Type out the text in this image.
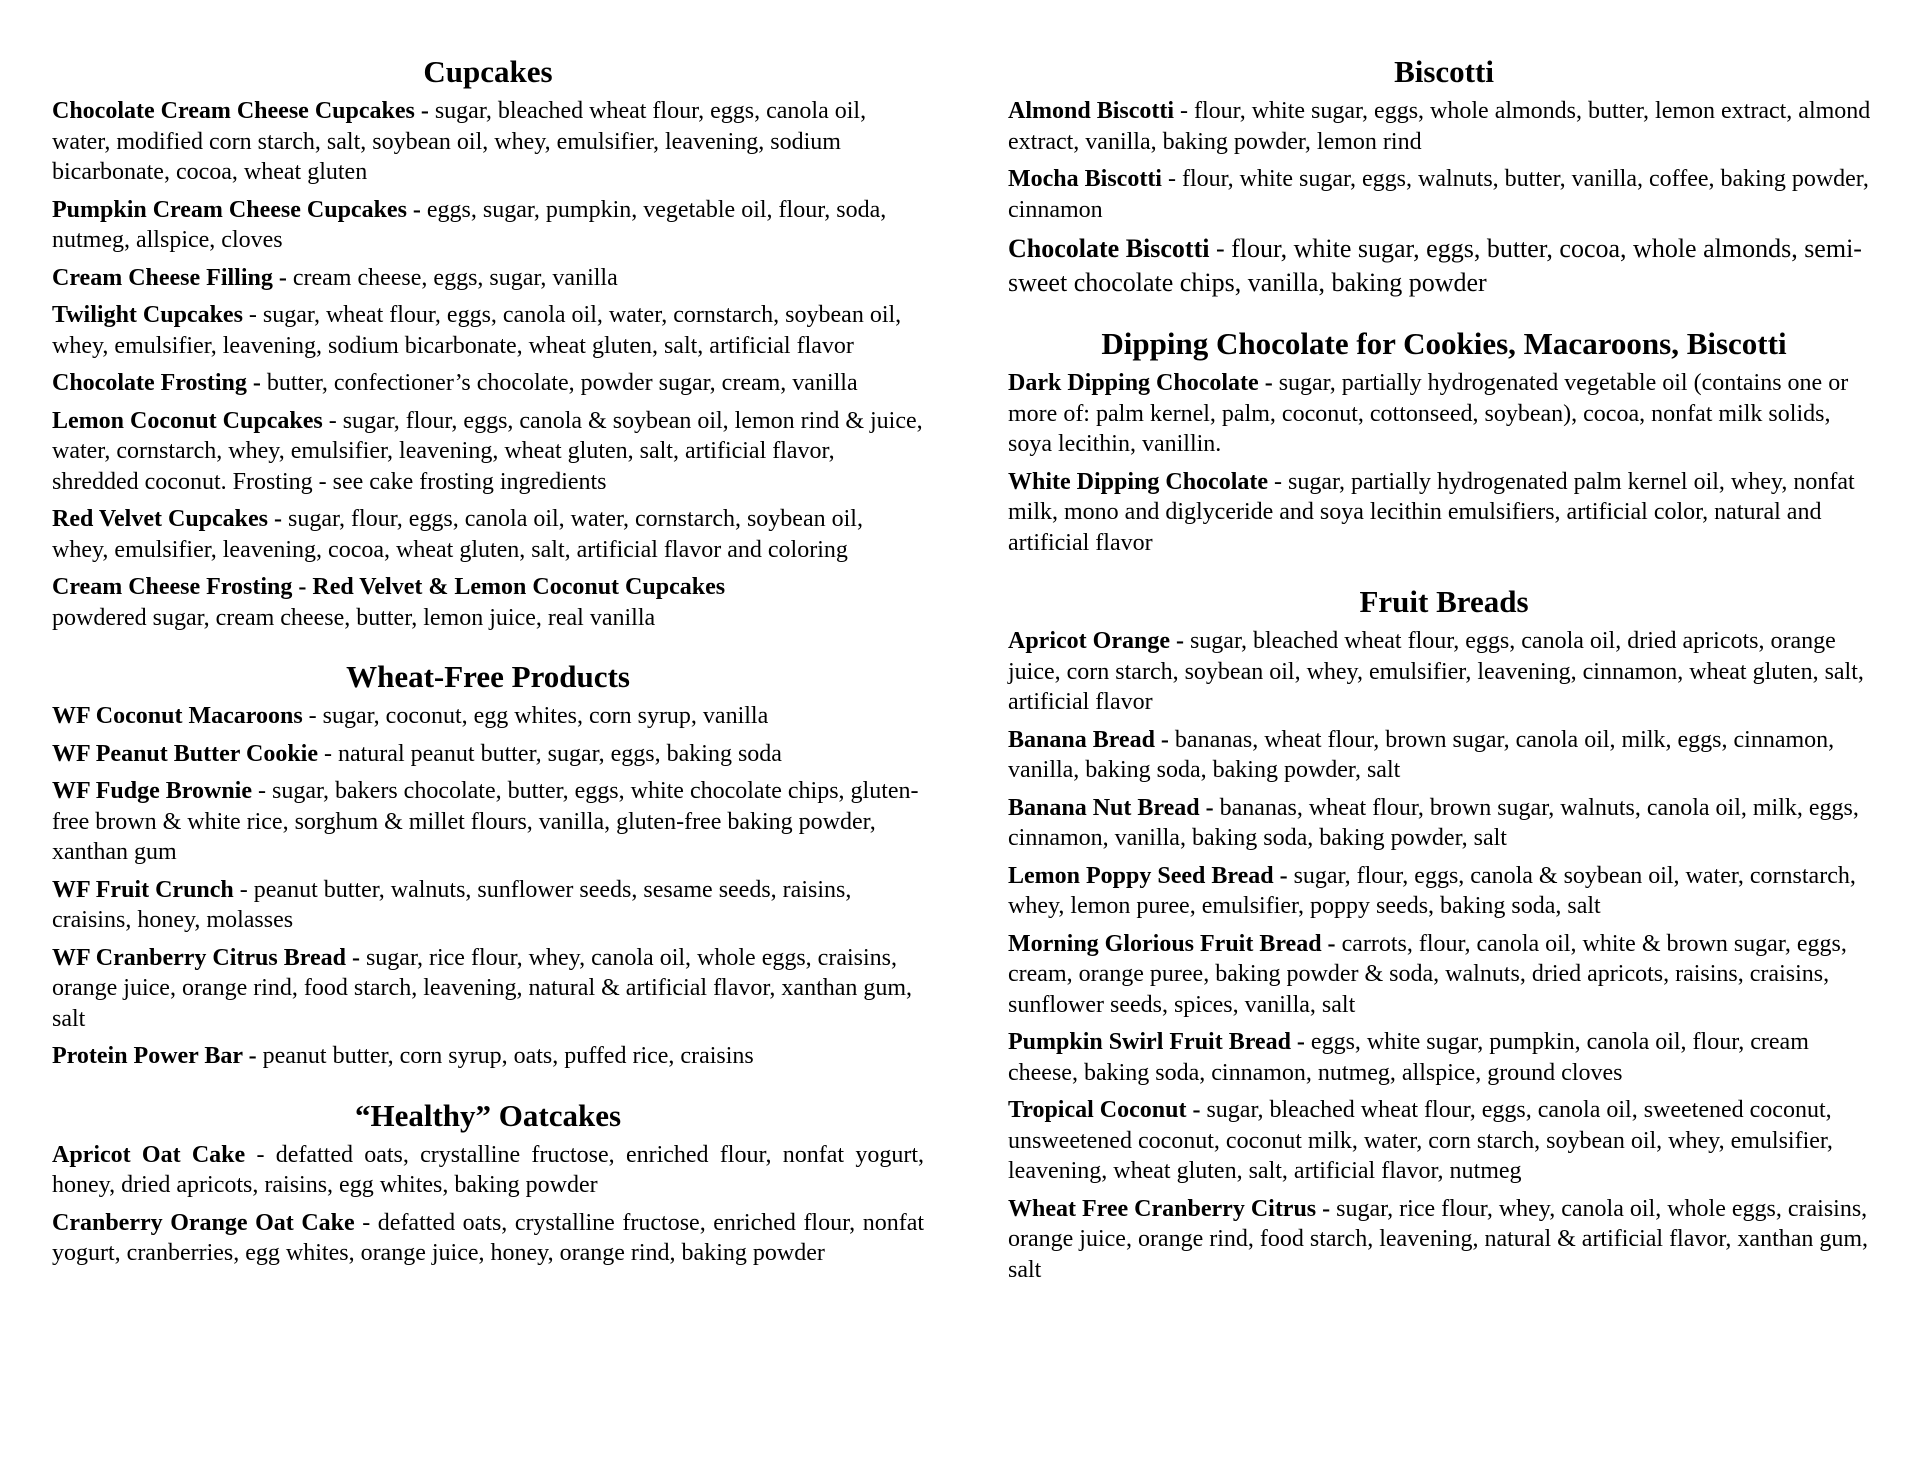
Cupcakes

Chocolate Cream Cheese Cupcakes - sugar, bleached wheat flour, eggs, canola oil, water, modified corn starch, salt, soybean oil, whey, emulsifier, leavening, sodium bicarbonate, cocoa, wheat gluten

Pumpkin Cream Cheese Cupcakes - eggs, sugar, pumpkin, vegetable oil, flour, soda, nutmeg, allspice, cloves

Cream Cheese Filling - cream cheese, eggs, sugar, vanilla

Twilight Cupcakes - sugar, wheat flour, eggs, canola oil, water, cornstarch, soybean oil, whey, emulsifier, leavening, sodium bicarbonate, wheat gluten, salt, artificial flavor

Chocolate Frosting - butter, confectioner’s chocolate, powder sugar, cream, vanilla

Lemon Coconut Cupcakes - sugar, flour, eggs, canola & soybean oil, lemon rind & juice, water, cornstarch, whey, emulsifier, leavening, wheat gluten, salt, artificial flavor, shredded coconut. Frosting - see cake frosting ingredients

Red Velvet Cupcakes - sugar, flour, eggs, canola oil, water, cornstarch, soybean oil, whey, emulsifier, leavening, cocoa, wheat gluten, salt, artificial flavor and coloring

Cream Cheese Frosting - Red Velvet & Lemon Coconut Cupcakes
powdered sugar, cream cheese, butter, lemon juice, real vanilla

Wheat-Free Products

WF Coconut Macaroons - sugar, coconut, egg whites, corn syrup, vanilla

WF Peanut Butter Cookie - natural peanut butter, sugar, eggs, baking soda

WF Fudge Brownie - sugar, bakers chocolate, butter, eggs, white chocolate chips, gluten-free brown & white rice, sorghum & millet flours, vanilla, gluten-free baking powder, xanthan gum

WF Fruit Crunch - peanut butter, walnuts, sunflower seeds, sesame seeds, raisins, craisins, honey, molasses

WF Cranberry Citrus Bread - sugar, rice flour, whey, canola oil, whole eggs, craisins, orange juice, orange rind, food starch, leavening, natural & artificial flavor, xanthan gum, salt

Protein Power Bar - peanut butter, corn syrup, oats, puffed rice, craisins

“Healthy” Oatcakes

Apricot Oat Cake - defatted oats, crystalline fructose, enriched flour, nonfat yogurt, honey, dried apricots, raisins, egg whites, baking powder

Cranberry Orange Oat Cake - defatted oats, crystalline fructose, enriched flour, nonfat yogurt, cranberries, egg whites, orange juice, honey, orange rind, baking powder

Biscotti

Almond Biscotti - flour, white sugar, eggs, whole almonds, butter, lemon extract, almond extract, vanilla, baking powder, lemon rind

Mocha Biscotti - flour, white sugar, eggs, walnuts, butter, vanilla, coffee, baking powder, cinnamon

Chocolate Biscotti - flour, white sugar, eggs, butter, cocoa, whole almonds, semi-sweet chocolate chips, vanilla, baking powder

Dipping Chocolate for Cookies, Macaroons, Biscotti

Dark Dipping Chocolate - sugar, partially hydrogenated vegetable oil (contains one or more of: palm kernel, palm, coconut, cottonseed, soybean), cocoa, nonfat milk solids, soya lecithin, vanillin.

White Dipping Chocolate - sugar, partially hydrogenated palm kernel oil, whey, nonfat milk, mono and diglyceride and soya lecithin emulsifiers, artificial color, natural and artificial flavor

Fruit Breads

Apricot Orange - sugar, bleached wheat flour, eggs, canola oil, dried apricots, orange juice, corn starch, soybean oil, whey, emulsifier, leavening, cinnamon, wheat gluten, salt, artificial flavor

Banana Bread - bananas, wheat flour, brown sugar, canola oil, milk, eggs, cinnamon, vanilla, baking soda, baking powder, salt

Banana Nut Bread - bananas, wheat flour, brown sugar, walnuts, canola oil, milk, eggs, cinnamon, vanilla, baking soda, baking powder, salt

Lemon Poppy Seed Bread - sugar, flour, eggs, canola & soybean oil, water, cornstarch, whey, lemon puree, emulsifier, poppy seeds, baking soda, salt

Morning Glorious Fruit Bread - carrots, flour, canola oil, white & brown sugar, eggs, cream, orange puree, baking powder & soda, walnuts, dried apricots, raisins, craisins, sunflower seeds, spices, vanilla, salt

Pumpkin Swirl Fruit Bread - eggs, white sugar, pumpkin, canola oil, flour, cream cheese, baking soda, cinnamon, nutmeg, allspice, ground cloves

Tropical Coconut - sugar, bleached wheat flour, eggs, canola oil, sweetened coconut, unsweetened coconut, coconut milk, water, corn starch, soybean oil, whey, emulsifier, leavening, wheat gluten, salt, artificial flavor, nutmeg

Wheat Free Cranberry Citrus - sugar, rice flour, whey, canola oil, whole eggs, craisins, orange juice, orange rind, food starch, leavening, natural & artificial flavor, xanthan gum, salt
